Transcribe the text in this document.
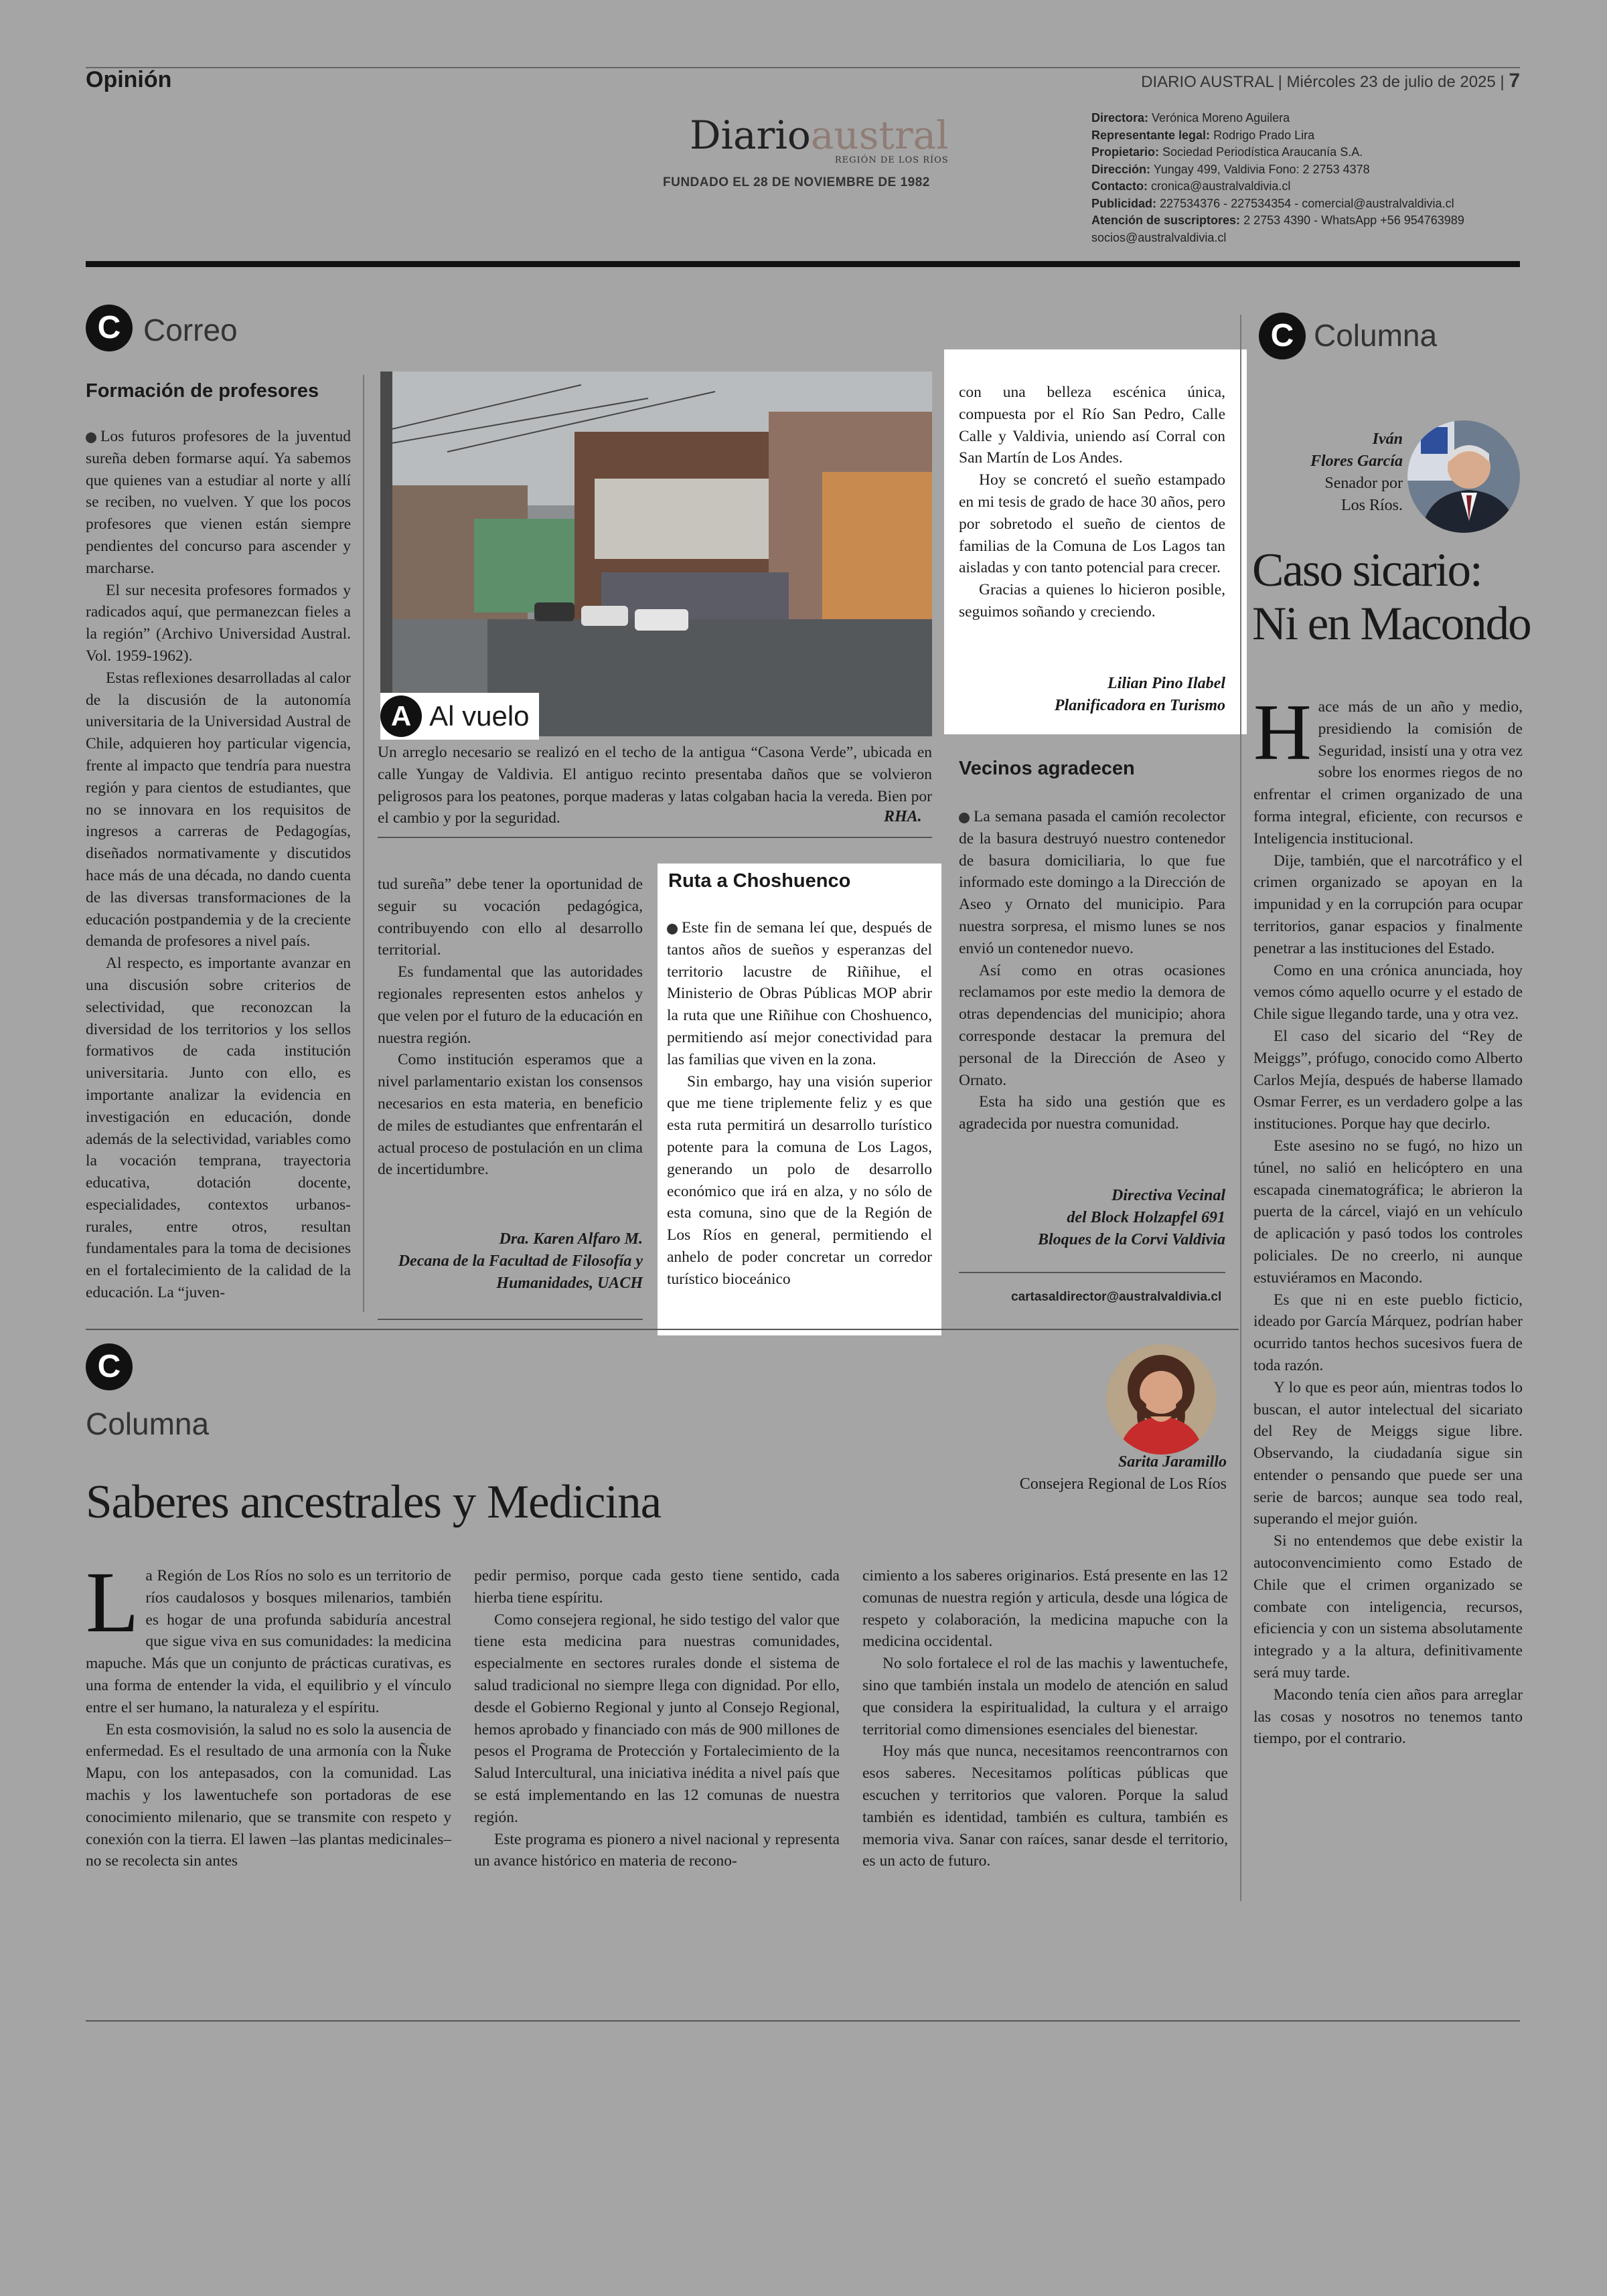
Opinión	DIARIO AUSTRAL | Miércoles 23 de julio de 2025 | 7
Diarioaustral
REGIÓN DE LOS RÍOS
FUNDADO EL 28 DE NOVIEMBRE DE 1982
Directora: Verónica Moreno Aguilera
Representante legal: Rodrigo Prado Lira
Propietario: Sociedad Periodística Araucanía S.A.
Dirección: Yungay 499, Valdivia Fono: 2 2753 4378
Contacto: cronica@australvaldivia.cl
Publicidad: 227534376 - 227534354 - comercial@australvaldivia.cl
Atención de suscriptores: 2 2753 4390 - WhatsApp +56 954763989
socios@australvaldivia.cl
C Correo
Formación de profesores

Los futuros profesores de la juventud sureña deben formarse aquí. Ya sabemos que quienes van a estudiar al norte y allí se reciben, no vuelven. Y que los pocos profesores que vienen están siempre pendientes del concurso para ascender y marcharse.

El sur necesita profesores formados y radicados aquí, que permanezcan fieles a la región” (Archivo Universidad Austral. Vol. 1959-1962).

Estas reflexiones desarrolladas al calor de la discusión de la autonomía universitaria de la Universidad Austral de Chile, adquieren hoy particular vigencia, frente al impacto que tendría para nuestra región y para cientos de estudiantes, que no se innovara en los requisitos de ingresos a carreras de Pedagogías, diseñados normativamente y discutidos hace más de una década, no dando cuenta de las diversas transformaciones de la educación postpandemia y de la creciente demanda de profesores a nivel país.

Al respecto, es importante avanzar en una discusión sobre criterios de selectividad, que reconozcan la diversidad de los territorios y los sellos formativos de cada institución universitaria. Junto con ello, es importante analizar la evidencia en investigación en educación, donde además de la selectividad, variables como la vocación temprana, trayectoria educativa, dotación docente, especialidades, contextos urbanos- rurales, entre otros, resultan fundamentales para la toma de decisiones en el fortalecimiento de la calidad de la educación. La “juven-

A Al vuelo

Un arreglo necesario se realizó en el techo de la antigua “Casona Verde”, ubicada en calle Yungay de Valdivia. El antiguo recinto presentaba daños que se volvieron peligrosos para los peatones, porque maderas y latas colgaban hacia la vereda. Bien por el cambio y por la seguridad.	RHA.

tud sureña” debe tener la oportunidad de seguir su vocación pedagógica, contribuyendo con ello al desarrollo territorial.

Es fundamental que las autoridades regionales representen estos anhelos y que velen por el futuro de la educación en nuestra región.

Como institución esperamos que a nivel parlamentario existan los consensos necesarios en esta materia, en beneficio de miles de estudiantes que enfrentarán el actual proceso de postulación en un clima de incertidumbre.

Dra. Karen Alfaro M.
Decana de la Facultad de Filosofía y
Humanidades, UACH
Ruta a Choshuenco

Este fin de semana leí que, después de tantos años de sueños y esperanzas del territorio lacustre de Riñihue, el Ministerio de Obras Públicas MOP abrir la ruta que une Riñihue con Choshuenco, permitiendo así mejor conectividad para las familias que viven en la zona.

Sin embargo, hay una visión superior que me tiene triplemente feliz y es que esta ruta permitirá un desarrollo turístico potente para la comuna de Los Lagos, generando un polo de desarrollo económico que irá en alza, y no sólo de esta comuna, sino que de la Región de Los Ríos en general, permitiendo el anhelo de poder concretar un corredor turístico bioceánico

con una belleza escénica única, compuesta por el Río San Pedro, Calle Calle y Valdivia, uniendo así Corral con San Martín de Los Andes.

Hoy se concretó el sueño estampado en mi tesis de grado de hace 30 años, pero por sobretodo el sueño de cientos de familias de la Comuna de Los Lagos tan aisladas y con tanto potencial para crecer.

Gracias a quienes lo hicieron posible, seguimos soñando y creciendo.

Lilian Pino Ilabel
Planificadora en Turismo
Vecinos agradecen

La semana pasada el camión recolector de la basura destruyó nuestro contenedor de basura domiciliaria, lo que fue informado este domingo a la Dirección de Aseo y Ornato del municipio. Para nuestra sorpresa, el mismo lunes se nos envió un contenedor nuevo.

Así como en otras ocasiones reclamamos por este medio la demora de otras dependencias del municipio; ahora corresponde destacar la premura del personal de la Dirección de Aseo y Ornato.

Esta ha sido una gestión que es agradecida por nuestra comunidad.

Directiva Vecinal
del Block Holzapfel 691
Bloques de la Corvi Valdivia
cartasaldirector@australvaldivia.cl
C Columna
Iván
Flores García
Senador por
Los Ríos.
Caso sicario:
Ni en Macondo

Hace más de un año y medio, presidiendo la comisión de Seguridad, insistí una y otra vez sobre los enormes riegos de no enfrentar el crimen organizado de una forma integral, eficiente, con recursos e Inteligencia institucional.

Dije, también, que el narcotráfico y el crimen organizado se apoyan en la impunidad y en la corrupción para ocupar territorios, ganar espacios y finalmente penetrar a las instituciones del Estado.

Como en una crónica anunciada, hoy vemos cómo aquello ocurre y el estado de Chile sigue llegando tarde, una y otra vez.

El caso del sicario del “Rey de Meiggs”, prófugo, conocido como Alberto Carlos Mejía, después de haberse llamado Osmar Ferrer, es un verdadero golpe a las instituciones. Porque hay que decirlo.

Este asesino no se fugó, no hizo un túnel, no salió en helicóptero en una escapada cinematográfica; le abrieron la puerta de la cárcel, viajó en un vehículo de aplicación y pasó todos los controles policiales. De no creerlo, ni aunque estuviéramos en Macondo.

Es que ni en este pueblo ficticio, ideado por García Márquez, podrían haber ocurrido tantos hechos sucesivos fuera de toda razón.

Y lo que es peor aún, mientras todos lo buscan, el autor intelectual del sicariato del Rey de Meiggs sigue libre. Observando, la ciudadanía sigue sin entender o pensando que puede ser una serie de barcos; aunque sea todo real, superando el mejor guión.

Si no entendemos que debe existir la autoconvencimiento como Estado de Chile que el crimen organizado se combate con inteligencia, recursos, eficiencia y con un sistema absolutamente integrado y a la altura, definitivamente será muy tarde.

Macondo tenía cien años para arreglar las cosas y nosotros no tenemos tanto tiempo, por el contrario.

C
Columna
Saberes ancestrales y Medicina
Sarita Jaramillo
Consejera Regional de Los Ríos

La Región de Los Ríos no solo es un territorio de ríos caudalosos y bosques milenarios, también es hogar de una profunda sabiduría ancestral que sigue viva en sus comunidades: la medicina mapuche. Más que un conjunto de prácticas curativas, es una forma de entender la vida, el equilibrio y el vínculo entre el ser humano, la naturaleza y el espíritu.

En esta cosmovisión, la salud no es solo la ausencia de enfermedad. Es el resultado de una armonía con la Ñuke Mapu, con los antepasados, con la comunidad. Las machis y los lawentuchefe son portadoras de ese conocimiento milenario, que se transmite con respeto y conexión con la tierra. El lawen –las plantas medicinales– no se recolecta sin antes

pedir permiso, porque cada gesto tiene sentido, cada hierba tiene espíritu.

Como consejera regional, he sido testigo del valor que tiene esta medicina para nuestras comunidades, especialmente en sectores rurales donde el sistema de salud tradicional no siempre llega con dignidad. Por ello, desde el Gobierno Regional y junto al Consejo Regional, hemos aprobado y financiado con más de 900 millones de pesos el Programa de Protección y Fortalecimiento de la Salud Intercultural, una iniciativa inédita a nivel país que se está implementando en las 12 comunas de nuestra región.

Este programa es pionero a nivel nacional y representa un avance histórico en materia de recono-

cimiento a los saberes originarios. Está presente en las 12 comunas de nuestra región y articula, desde una lógica de respeto y colaboración, la medicina mapuche con la medicina occidental.

No solo fortalece el rol de las machis y lawentuchefe, sino que también instala un modelo de atención en salud que considera la espiritualidad, la cultura y el arraigo territorial como dimensiones esenciales del bienestar.

Hoy más que nunca, necesitamos reencontrarnos con esos saberes. Necesitamos políticas públicas que escuchen y territorios que valoren. Porque la salud también es identidad, también es cultura, también es memoria viva. Sanar con raíces, sanar desde el territorio, es un acto de futuro.
